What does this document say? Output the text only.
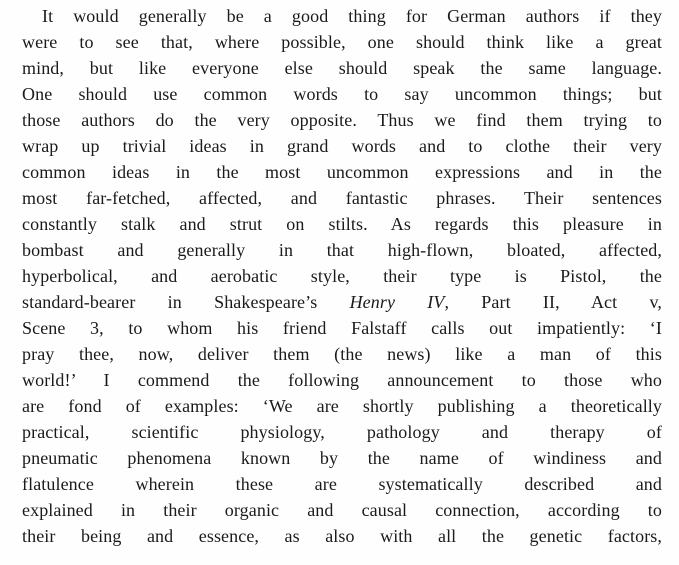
It would generally be a good thing for German authors if they
were to see that, where possible, one should think like a great
mind, but like everyone else should speak the same language.
One should use common words to say uncommon things; but
those authors do the very opposite. Thus we find them trying to
wrap up trivial ideas in grand words and to clothe their very
common ideas in the most uncommon expressions and in the
most far-fetched, affected, and fantastic phrases. Their sentences
constantly stalk and strut on stilts. As regards this pleasure in
bombast and generally in that high-flown, bloated, affected,
hyperbolical, and aerobatic style, their type is Pistol, the
standard-bearer in Shakespeare’s Henry IV, Part II, Act v,
Scene 3, to whom his friend Falstaff calls out impatiently: ‘I
pray thee, now, deliver them (the news) like a man of this
world!’ I commend the following announcement to those who
are fond of examples: ‘We are shortly publishing a theoretically
practical, scientific physiology, pathology and therapy of
pneumatic phenomena known by the name of windiness and
flatulence wherein these are systematically described and
explained in their organic and causal connection, according to
their being and essence, as also with all the genetic factors,
